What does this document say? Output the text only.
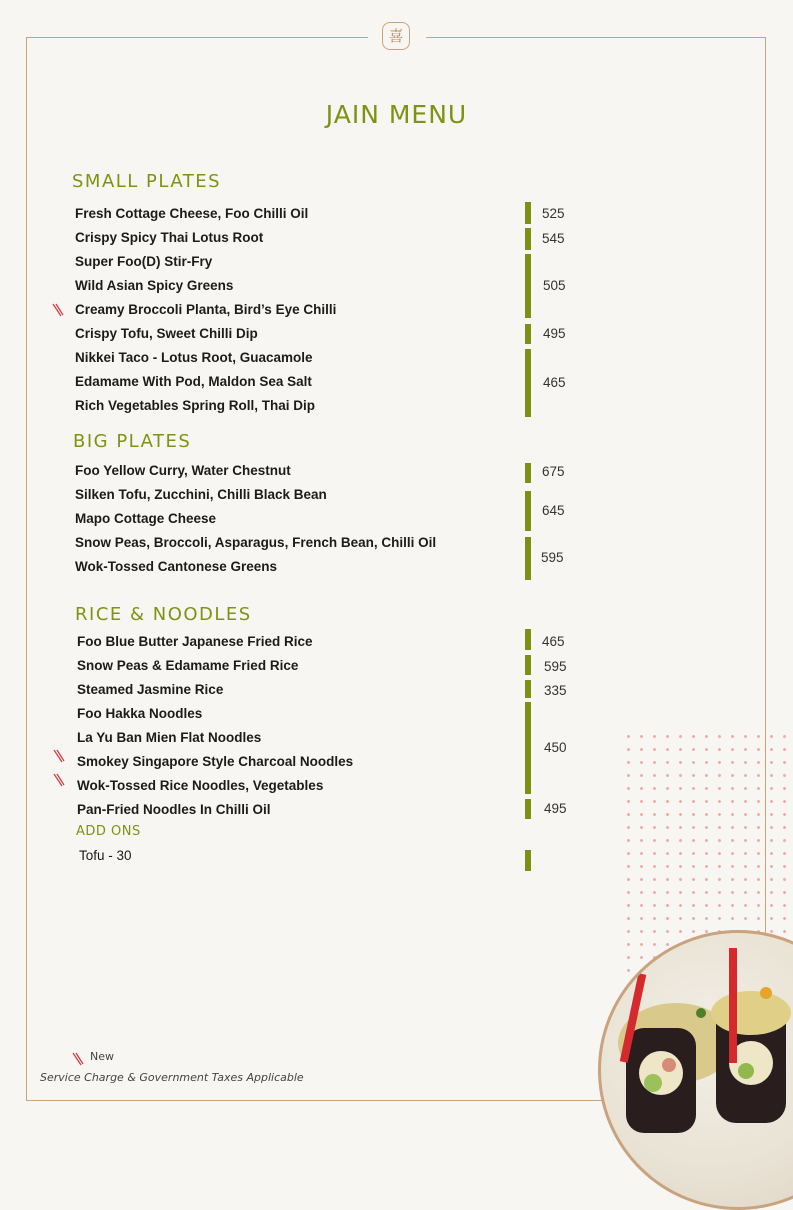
喜
JAIN MENU
SMALL PLATES
Fresh Cottage Cheese, Foo Chilli Oil
Crispy Spicy Thai Lotus Root
Super Foo(D) Stir-Fry
Wild Asian Spicy Greens
Creamy Broccoli Planta, Bird’s Eye Chilli
Crispy Tofu, Sweet Chilli Dip
Nikkei Taco - Lotus Root, Guacamole
Edamame With Pod, Maldon Sea Salt
Rich Vegetables Spring Roll, Thai Dip
525
545
505
495
465
BIG PLATES
Foo Yellow Curry, Water Chestnut
Silken Tofu, Zucchini, Chilli Black Bean
Mapo Cottage Cheese
Snow Peas, Broccoli, Asparagus, French Bean, Chilli Oil
Wok-Tossed Cantonese Greens
675
645
595
RICE & NOODLES
Foo Blue Butter Japanese Fried Rice
Snow Peas & Edamame Fried Rice
Steamed Jasmine Rice
Foo Hakka Noodles
La Yu Ban Mien Flat Noodles
Smokey Singapore Style Charcoal Noodles
Wok-Tossed Rice Noodles, Vegetables
Pan-Fried Noodles In Chilli Oil
465
595
335
450
495
ADD ONS
Tofu - 30
New
Service Charge & Government Taxes Applicable
